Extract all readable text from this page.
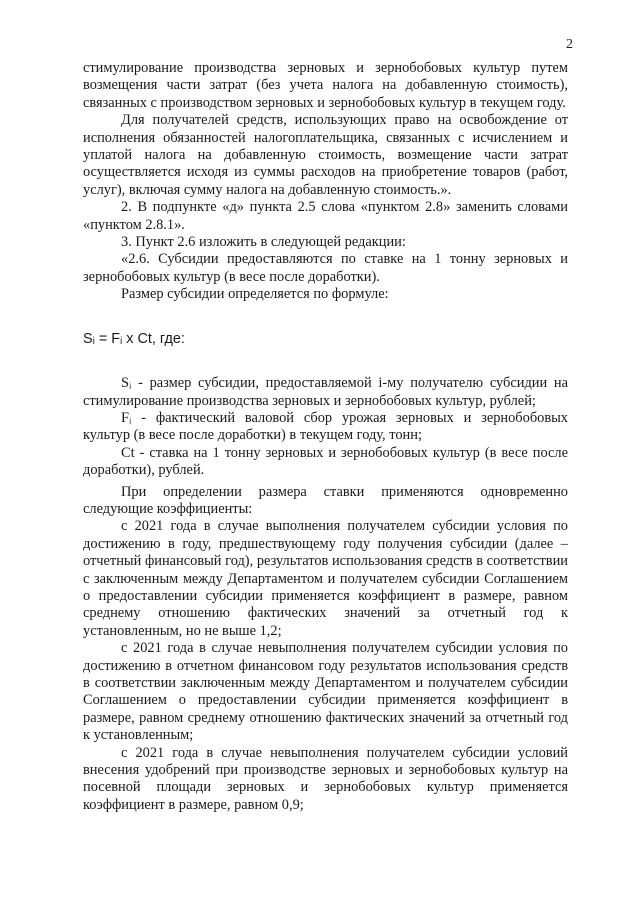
2

стимулирование производства зерновых и зернобобовых культур путем возмещения части затрат (без учета налога на добавленную стоимость), связанных с производством зерновых и зернобобовых культур в текущем году.

Для получателей средств, использующих право на освобождение от исполнения обязанностей налогоплательщика, связанных с исчислением и уплатой налога на добавленную стоимость, возмещение части затрат осуществляется исходя из суммы расходов на приобретение товаров (работ, услуг), включая сумму налога на добавленную стоимость.».

2. В подпункте «д» пункта 2.5 слова «пунктом 2.8» заменить словами «пунктом 2.8.1».

3. Пункт 2.6 изложить в следующей редакции:

«2.6. Субсидии предоставляются по ставке на 1 тонну зерновых и зернобобовых культур (в весе после доработки).

Размер субсидии определяется по формуле:

Sᵢ = Fᵢ x Ct, где:

Sᵢ - размер субсидии, предоставляемой i-му получателю субсидии на стимулирование производства зерновых и зернобобовых культур, рублей;

Fᵢ - фактический валовой сбор урожая зерновых и зернобобовых культур (в весе после доработки) в текущем году, тонн;

Ct - ставка на 1 тонну зерновых и зернобобовых культур (в весе после доработки), рублей.

При определении размера ставки применяются одновременно следующие коэффициенты:

с 2021 года в случае выполнения получателем субсидии условия по достижению в году, предшествующему году получения субсидии (далее – отчетный финансовый год), результатов использования средств в соответствии с заключенным между Департаментом и получателем субсидии Соглашением о предоставлении субсидии применяется коэффициент в размере, равном среднему отношению фактических значений за отчетный год к установленным, но не выше 1,2;

с 2021 года в случае невыполнения получателем субсидии условия по достижению в отчетном финансовом году результатов использования средств в соответствии заключенным между Департаментом и получателем субсидии Соглашением о предоставлении субсидии применяется коэффициент в размере, равном среднему отношению фактических значений за отчетный год к установленным;

с 2021 года в случае невыполнения получателем субсидии условий внесения удобрений при производстве зерновых и зернобобовых культур на посевной площади зерновых и зернобобовых культур применяется коэффициент в размере, равном 0,9;
